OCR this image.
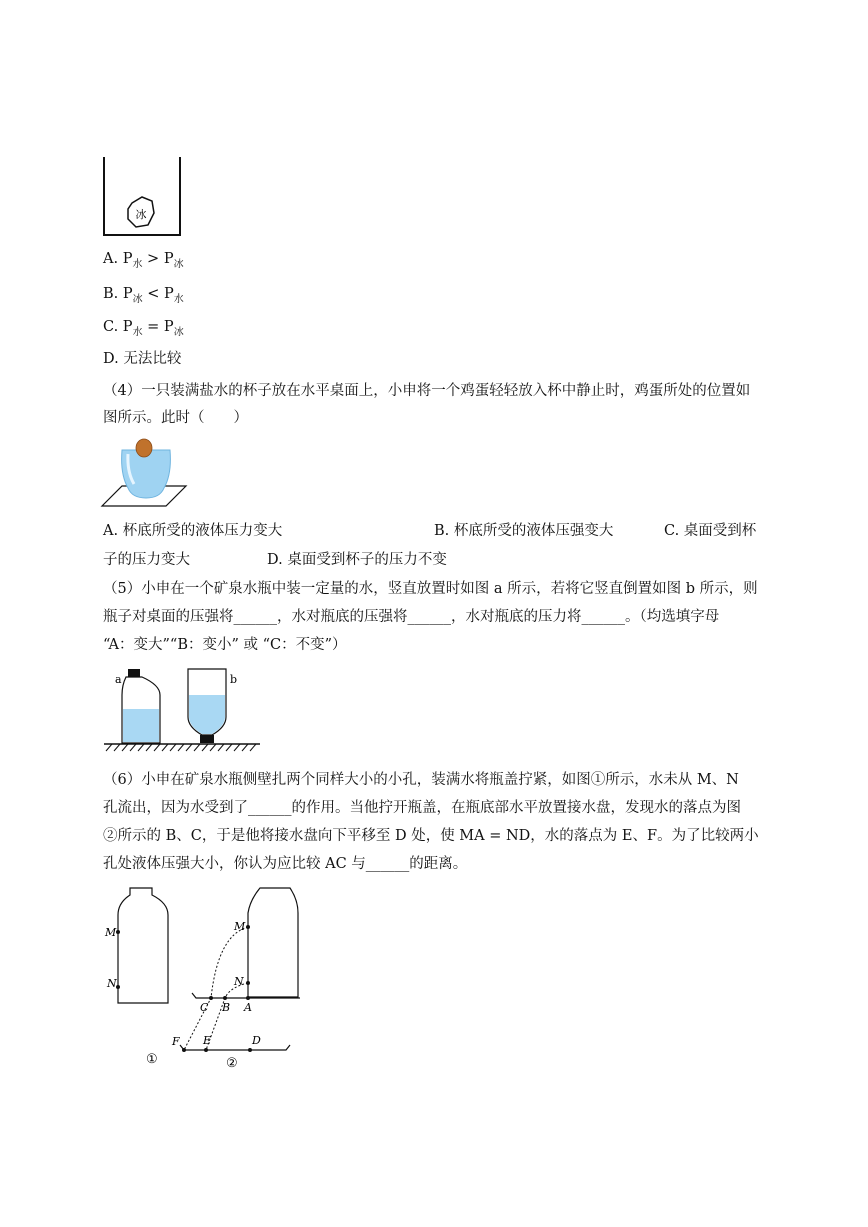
冰
A. $P_水 > P_冰$
B. $P_冰 < P_水$
C. $P_水 = P_冰$
D. 无法比较
（4）一只装满盐水的杯子放在水平桌面上，小申将一个鸡蛋轻轻放入杯中静止时，鸡蛋所处的位置如
图所示。此时（　　）
A. 杯底所受的液体压力变大	B. 杯底所受的液体压强变大	C. 桌面受到杯
子的压力变大	D. 桌面受到杯子的压力不变
（5）小申在一个矿泉水瓶中装一定量的水，竖直放置时如图 a 所示，若将它竖直倒置如图 b 所示，则
瓶子对桌面的压强将______，水对瓶底的压强将______，水对瓶底的压力将______。（均选填字母
“A：变大”“B：变小” 或 “C：不变”）
a	b
（6）小申在矿泉水瓶侧壁扎两个同样大小的小孔，装满水将瓶盖拧紧，如图①所示，水未从 M、N
孔流出，因为水受到了______的作用。当他拧开瓶盖，在瓶底部水平放置接水盘，发现水的落点为图
②所示的 B、C，于是他将接水盘向下平移至 D 处，使 MA = ND，水的落点为 E、F。为了比较两小
孔处液体压强大小，你认为应比较 AC 与______的距离。
M
N
①
M
N
C B A
F E	D
②
